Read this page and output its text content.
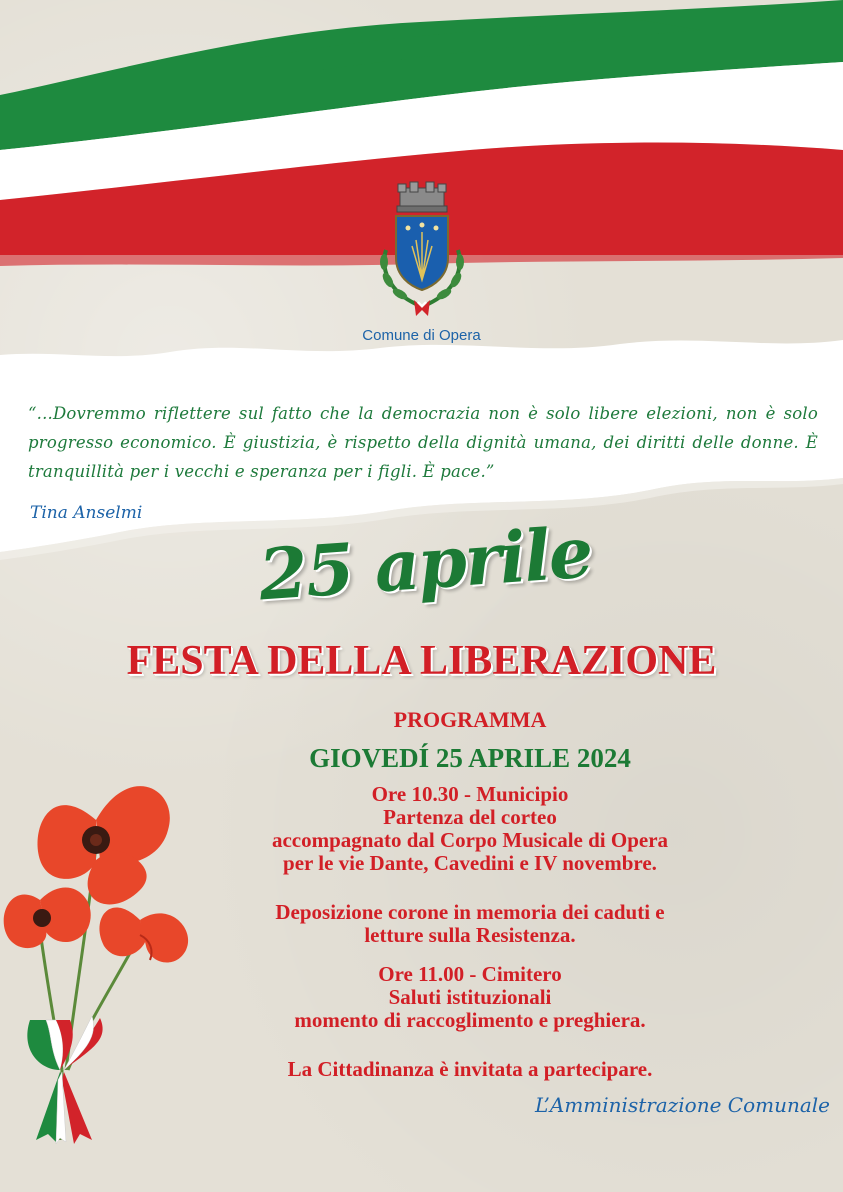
Comune di Opera
“...Dovremmo riflettere sul fatto che la democrazia non è solo libere elezioni, non è solo progresso economico. È giustizia, è rispetto della dignità umana, dei diritti delle donne. È tranquillità per i vecchi e speranza per i figli. È pace.”
Tina Anselmi	25 aprile
FESTA DELLA LIBERAZIONE
PROGRAMMA
GIOVEDÍ 25 APRILE 2024
Ore 10.30 - Municipio
Partenza del corteo
accompagnato dal Corpo Musicale di Opera
per le vie Dante, Cavedini e IV novembre.
Deposizione corone in memoria dei caduti e
letture sulla Resistenza.
Ore 11.00 - Cimitero
Saluti istituzionali
momento di raccoglimento e preghiera.
La Cittadinanza è invitata a partecipare.
L’Amministrazione Comunale
